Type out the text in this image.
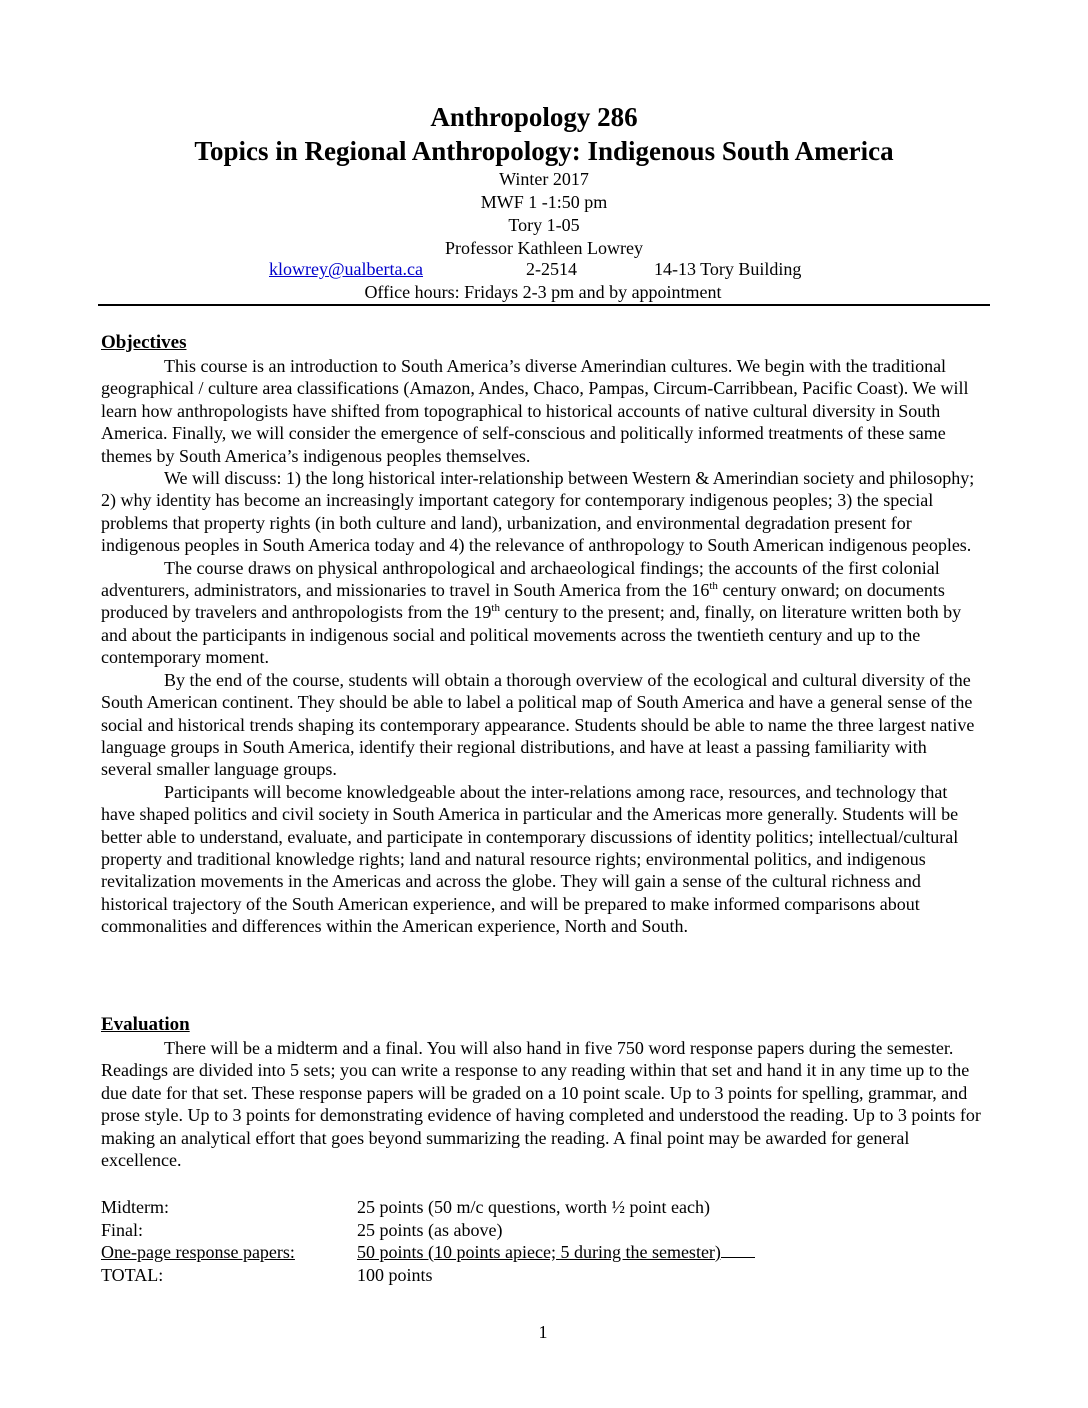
Anthropology 286
Topics in Regional Anthropology: Indigenous South America
Winter 2017
MWF 1 -1:50 pm
Tory 1-05
Professor Kathleen Lowrey
klowrey@ualberta.ca	2-2514	14-13 Tory Building
Office hours: Fridays 2-3 pm and by appointment
Objectives

This course is an introduction to South America’s diverse Amerindian cultures. We begin with the traditional geographical / culture area classifications (Amazon, Andes, Chaco, Pampas, Circum-Carribbean, Pacific Coast). We will learn how anthropologists have shifted from topographical to historical accounts of native cultural diversity in South America. Finally, we will consider the emergence of self-conscious and politically informed treatments of these same themes by South America’s indigenous peoples themselves.

We will discuss: 1) the long historical inter-relationship between Western & Amerindian society and philosophy; 2) why identity has become an increasingly important category for contemporary indigenous peoples; 3) the special problems that property rights (in both culture and land), urbanization, and environmental degradation present for indigenous peoples in South America today and 4) the relevance of anthropology to South American indigenous peoples.

The course draws on physical anthropological and archaeological findings; the accounts of the first colonial adventurers, administrators, and missionaries to travel in South America from the 16th century onward; on documents produced by travelers and anthropologists from the 19th century to the present; and, finally, on literature written both by and about the participants in indigenous social and political movements across the twentieth century and up to the contemporary moment.

By the end of the course, students will obtain a thorough overview of the ecological and cultural diversity of the South American continent. They should be able to label a political map of South America and have a general sense of the social and historical trends shaping its contemporary appearance. Students should be able to name the three largest native language groups in South America, identify their regional distributions, and have at least a passing familiarity with several smaller language groups.

Participants will become knowledgeable about the inter-relations among race, resources, and technology that have shaped politics and civil society in South America in particular and the Americas more generally. Students will be better able to understand, evaluate, and participate in contemporary discussions of identity politics; intellectual/cultural property and traditional knowledge rights; land and natural resource rights; environmental politics, and indigenous revitalization movements in the Americas and across the globe. They will gain a sense of the cultural richness and historical trajectory of the South American experience, and will be prepared to make informed comparisons about commonalities and differences within the American experience, North and South.

Evaluation

There will be a midterm and a final. You will also hand in five 750 word response papers during the semester. Readings are divided into 5 sets; you can write a response to any reading within that set and hand it in any time up to the due date for that set. These response papers will be graded on a 10 point scale. Up to 3 points for spelling, grammar, and prose style. Up to 3 points for demonstrating evidence of having completed and understood the reading. Up to 3 points for making an analytical effort that goes beyond summarizing the reading. A final point may be awarded for general excellence.

Midterm:	25 points (50 m/c questions, worth ½ point each)
Final:	25 points (as above)
One-page response papers:	50 points (10 points apiece; 5 during the semester)
TOTAL:	100 points
1
